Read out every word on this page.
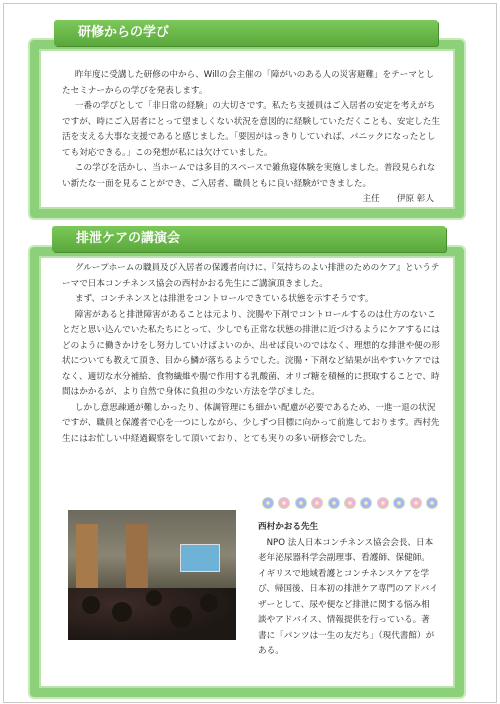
研修からの学び

昨年度に受講した研修の中から、Willの会主催の「障がいのある人の災害避難」をテーマとしたセミナーからの学びを発表します。

一番の学びとして「非日常の経験」の大切さです。私たち支援員はご入居者の安定を考えがちですが、時にご入居者にとって望ましくない状況を意図的に経験していただくことも、安定した生活を支える大事な支援であると感じました。「要因がはっきりしていれば、パニックになったとしても対応できる。」この発想が私には欠けていました。

この学びを活かし、当ホームでは多目的スペースで雑魚寝体験を実施しました。普段見られない新たな一面を見ることができ、ご入居者、職員ともに良い経験ができました。

主任　　伊原 彰人

排泄ケアの講演会

グループホームの職員及び入居者の保護者向けに、『気持ちのよい排泄のためのケア』というテーマで日本コンチネンス協会の西村かおる先生にご講演頂きました。

まず、コンチネンスとは排泄をコントロールできている状態を示すそうです。

障害があると排泄障害があることは元より、浣腸や下剤でコントロールするのは仕方のないことだと思い込んでいた私たちにとって、少しでも正常な状態の排泄に近づけるようにケアするにはどのように働きかけをし努力していけばよいのか、出せば良いのではなく、理想的な排泄や便の形状についても教えて頂き、目から鱗が落ちるようでした。浣腸・下剤など結果が出やすいケアではなく、適切な水分補給、食物繊維や腸で作用する乳酸菌、オリゴ糖を積極的に摂取することで、時間はかかるが、より自然で身体に負担の少ない方法を学びました。

しかし意思疎通が難しかったり、体調管理にも細かい配慮が必要であるため、一進一退の状況ですが、職員と保護者で心を一つにしながら、少しずつ目標に向かって前進しております。西村先生にはお忙しい中経過観察をして頂いており、とても実りの多い研修会でした。

西村かおる先生

NPO 法人日本コンチネンス協会会長、日本老年泌尿器科学会副理事、看護師、保健師。イギリスで地域看護とコンチネンスケアを学び、帰国後、日本初の排泄ケア専門のアドバイザーとして、尿や便など排泄に関する悩み相談やアドバイス、情報提供を行っている。著書に「パンツは一生の友だち」（現代書館）がある。
